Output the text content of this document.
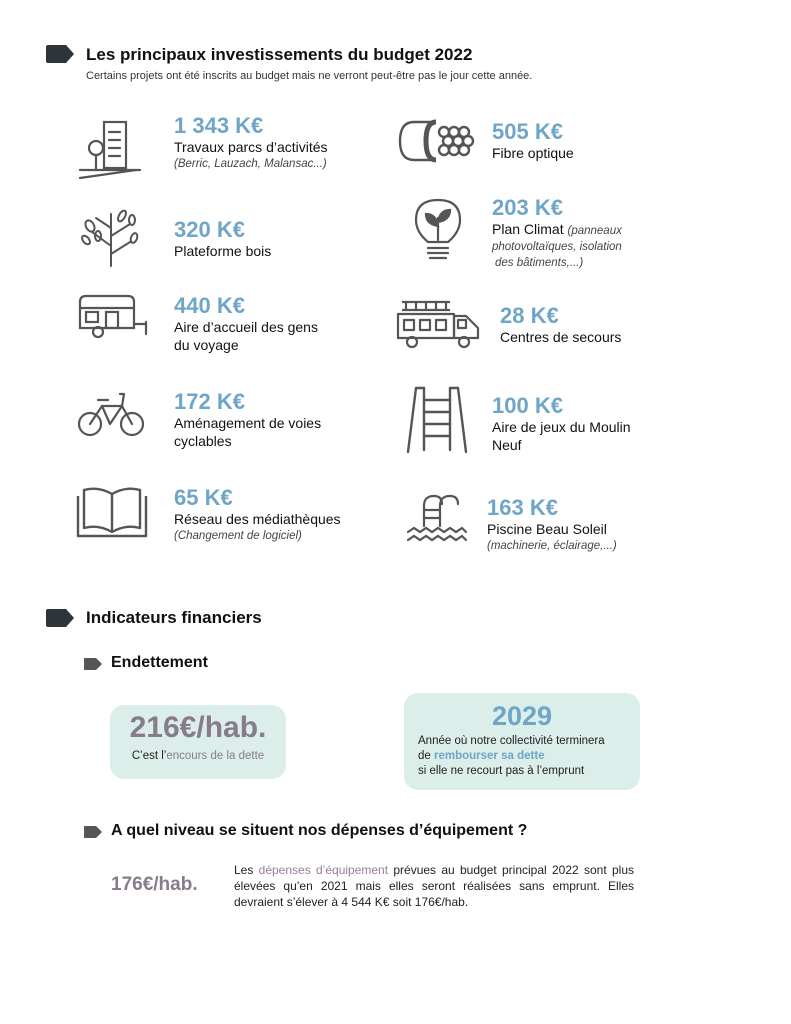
Les principaux investissements du budget 2022
Certains projets ont été inscrits au budget mais ne verront peut-être pas le jour cette année.
1 343 K€
Travaux parcs d’activités
(Berric, Lauzach, Malansac...)
320 K€
Plateforme bois
440 K€
Aire d’accueil des gens
du voyage
172 K€
Aménagement de voies
cyclables
65 K€
Réseau des médiathèques
(Changement de logiciel)
505 K€
Fibre optique
203 K€
Plan Climat (panneaux
photovoltaïques, isolation
des bâtiments,...)
28 K€
Centres de secours
100 K€
Aire de jeux du Moulin
Neuf
163 K€
Piscine Beau Soleil
(machinerie, éclairage,...)
Indicateurs financiers
Endettement
216€/hab.
C’est l’encours de la dette
2029
Année où notre collectivité terminera
de rembourser sa dette
si elle ne recourt pas à l’emprunt
A quel niveau se situent nos dépenses d’équipement ?
176€/hab.
Les dépenses d’équipement prévues au budget principal 2022 sont plus élevées qu’en 2021 mais elles seront réalisées sans emprunt. Elles devraient s’élever à 4 544 K€ soit 176€/hab.
